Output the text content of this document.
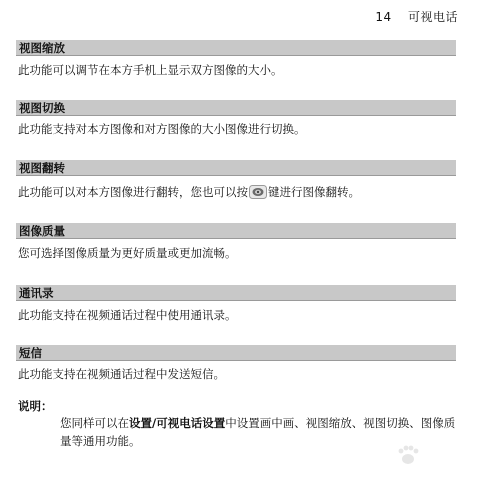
14 可视电话
视图缩放
此功能可以调节在本方手机上显示双方图像的大小。
视图切换
此功能支持对本方图像和对方图像的大小图像进行切换。
视图翻转
此功能可以对本方图像进行翻转，您也可以按 键进行图像翻转。
图像质量
您可选择图像质量为更好质量或更加流畅。
通讯录
此功能支持在视频通话过程中使用通讯录。
短信
此功能支持在视频通话过程中发送短信。
说明：
您同样可以在设置/可视电话设置中设置画中画、视图缩放、视图切换、图像质量等通用功能。
